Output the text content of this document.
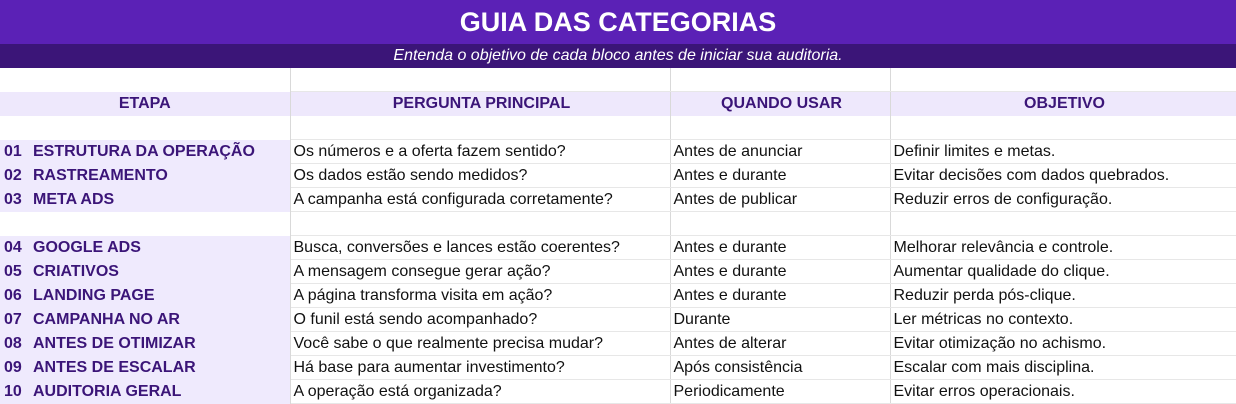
GUIA DAS CATEGORIAS
Entenda o objetivo de cada bloco antes de iniciar sua auditoria.

ETAPA	PERGUNTA PRINCIPAL	QUANDO USAR	OBJETIVO

01 ESTRUTURA DA OPERAÇÃO	Os números e a oferta fazem sentido?	Antes de anunciar	Definir limites e metas.
02 RASTREAMENTO	Os dados estão sendo medidos?	Antes e durante	Evitar decisões com dados quebrados.
03 META ADS	A campanha está configurada corretamente?	Antes de publicar	Reduzir erros de configuração.

04 GOOGLE ADS	Busca, conversões e lances estão coerentes?	Antes e durante	Melhorar relevância e controle.
05 CRIATIVOS	A mensagem consegue gerar ação?	Antes e durante	Aumentar qualidade do clique.
06 LANDING PAGE	A página transforma visita em ação?	Antes e durante	Reduzir perda pós-clique.
07 CAMPANHA NO AR	O funil está sendo acompanhado?	Durante	Ler métricas no contexto.
08 ANTES DE OTIMIZAR	Você sabe o que realmente precisa mudar?	Antes de alterar	Evitar otimização no achismo.
09 ANTES DE ESCALAR	Há base para aumentar investimento?	Após consistência	Escalar com mais disciplina.
10 AUDITORIA GERAL	A operação está organizada?	Periodicamente	Evitar erros operacionais.
